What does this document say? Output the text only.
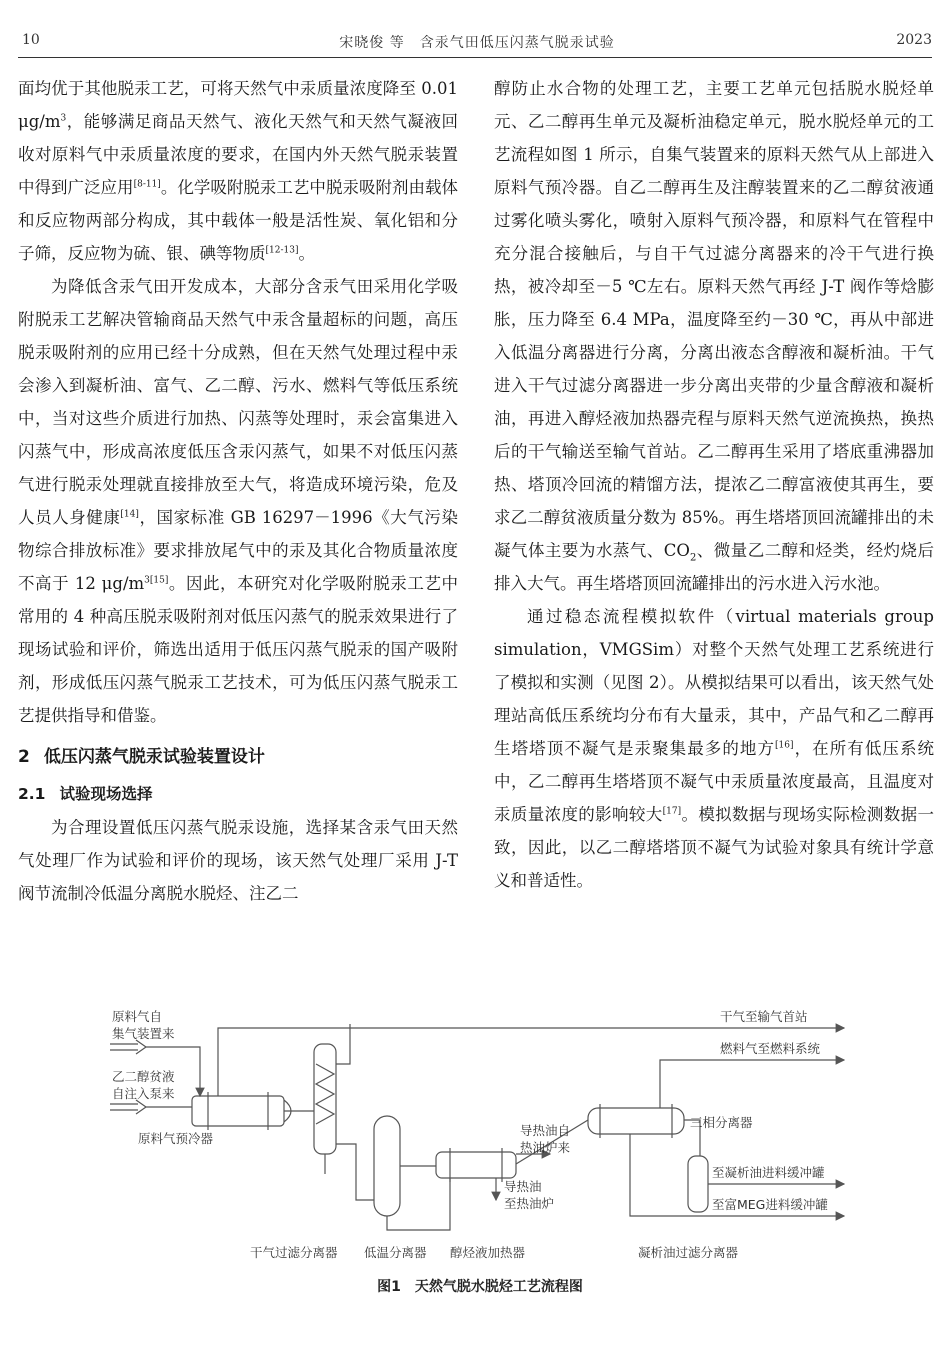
10	宋晓俊 等　含汞气田低压闪蒸气脱汞试验	2023

面均优于其他脱汞工艺，可将天然气中汞质量浓度降至 0.01 $\mu g/m^3$，能够满足商品天然气、液化天然气和天然气凝液回收对原料气中汞质量浓度的要求，在国内外天然气脱汞装置中得到广泛应用[8-11]。化学吸附脱汞工艺中脱汞吸附剂由载体和反应物两部分构成，其中载体一般是活性炭、氧化铝和分子筛，反应物为硫、银、碘等物质[12-13]。

为降低含汞气田开发成本，大部分含汞气田采用化学吸附脱汞工艺解决管输商品天然气中汞含量超标的问题，高压脱汞吸附剂的应用已经十分成熟，但在天然气处理过程中汞会渗入到凝析油、富气、乙二醇、污水、燃料气等低压系统中，当对这些介质进行加热、闪蒸等处理时，汞会富集进入闪蒸气中，形成高浓度低压含汞闪蒸气，如果不对低压闪蒸气进行脱汞处理就直接排放至大气，将造成环境污染，危及人员人身健康[14]，国家标准 GB 16297－1996《大气污染物综合排放标准》要求排放尾气中的汞及其化合物质量浓度不高于 12 $\mu g/m^{3[15]}$。因此，本研究对化学吸附脱汞工艺中常用的 4 种高压脱汞吸附剂对低压闪蒸气的脱汞效果进行了现场试验和评价，筛选出适用于低压闪蒸气脱汞的国产吸附剂，形成低压闪蒸气脱汞工艺技术，可为低压闪蒸气脱汞工艺提供指导和借鉴。

2 低压闪蒸气脱汞试验装置设计
2.1 试验现场选择

为合理设置低压闪蒸气脱汞设施，选择某含汞气田天然气处理厂作为试验和评价的现场，该天然气处理厂采用 J-T 阀节流制冷低温分离脱水脱烃、注乙二

醇防止水合物的处理工艺，主要工艺单元包括脱水脱烃单元、乙二醇再生单元及凝析油稳定单元，脱水脱烃单元的工艺流程如图 1 所示，自集气装置来的原料天然气从上部进入原料气预冷器。自乙二醇再生及注醇装置来的乙二醇贫液通过雾化喷头雾化，喷射入原料气预冷器，和原料气在管程中充分混合接触后，与自干气过滤分离器来的冷干气进行换热，被冷却至－5 ℃左右。原料天然气再经 J-T 阀作等焓膨胀，压力降至 6.4 MPa，温度降至约－30 ℃，再从中部进入低温分离器进行分离，分离出液态含醇液和凝析油。干气进入干气过滤分离器进一步分离出夹带的少量含醇液和凝析油，再进入醇烃液加热器壳程与原料天然气逆流换热，换热后的干气输送至输气首站。乙二醇再生采用了塔底重沸器加热、塔顶冷回流的精馏方法，提浓乙二醇富液使其再生，要求乙二醇贫液质量分数为 85%。再生塔塔顶回流罐排出的未凝气体主要为水蒸气、$CO_2$、微量乙二醇和烃类，经灼烧后排入大气。再生塔塔顶回流罐排出的污水进入污水池。

通过稳态流程模拟软件（virtual materials group simulation，VMGSim）对整个天然气处理工艺系统进行了模拟和实测（见图 2）。从模拟结果可以看出，该天然气处理站高低压系统均分布有大量汞，其中，产品气和乙二醇再生塔塔顶不凝气是汞聚集最多的地方[16]，在所有低压系统中，乙二醇再生塔塔顶不凝气中汞质量浓度最高，且温度对汞质量浓度的影响较大[17]。模拟数据与现场实际检测数据一致，因此，以乙二醇塔塔顶不凝气为试验对象具有统计学意义和普适性。

原料气自
集气装置来
乙二醇贫液
自注入泵来
原料气预冷器
干气至输气首站
燃料气至燃料系统
三相分离器
导热油自
热油炉来
导热油
至热油炉
至凝析油进料缓冲罐
至富MEG进料缓冲罐
干气过滤分离器 低温分离器 醇烃液加热器	凝析油过滤分离器
图1 天然气脱水脱烃工艺流程图
